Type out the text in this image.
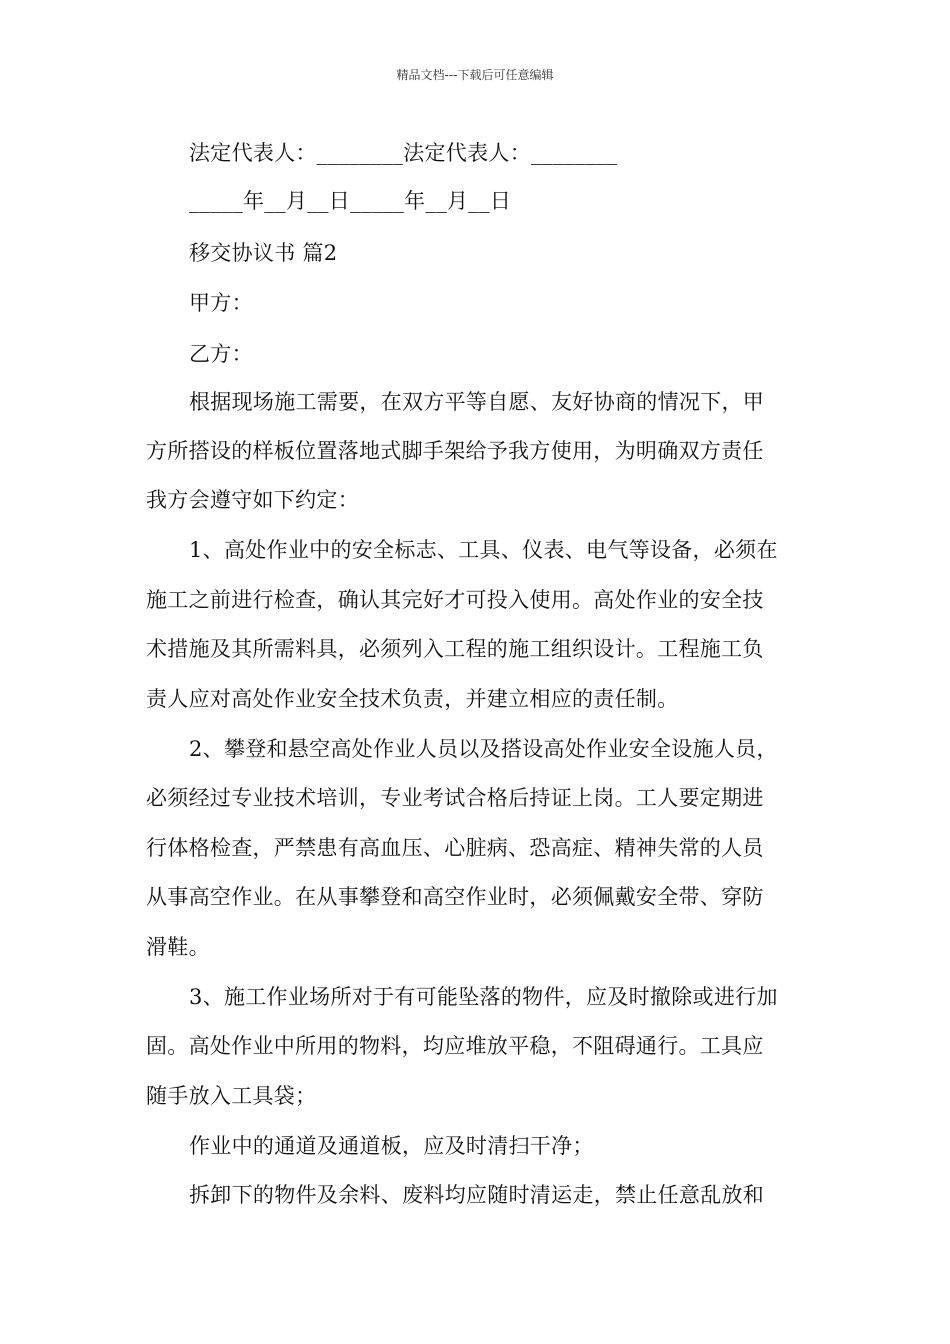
精品文档---下载后可任意编辑
法定代表人：________法定代表人：________
_____年__月__日_____年__月__日
移交协议书 篇2
甲方：
乙方：
根据现场施工需要，在双方平等自愿、友好协商的情况下，甲
方所搭设的样板位置落地式脚手架给予我方使用，为明确双方责任
我方会遵守如下约定：
1、高处作业中的安全标志、工具、仪表、电气等设备，必须在
施工之前进行检查，确认其完好才可投入使用。高处作业的安全技
术措施及其所需料具，必须列入工程的施工组织设计。工程施工负
责人应对高处作业安全技术负责，并建立相应的责任制。
2、攀登和悬空高处作业人员以及搭设高处作业安全设施人员，
必须经过专业技术培训，专业考试合格后持证上岗。工人要定期进
行体格检查，严禁患有高血压、心脏病、恐高症、精神失常的人员
从事高空作业。在从事攀登和高空作业时，必须佩戴安全带、穿防
滑鞋。
3、施工作业场所对于有可能坠落的物件，应及时撤除或进行加
固。高处作业中所用的物料，均应堆放平稳，不阻碍通行。工具应
随手放入工具袋；
作业中的通道及通道板，应及时清扫干净；
拆卸下的物件及余料、废料均应随时清运走，禁止任意乱放和
